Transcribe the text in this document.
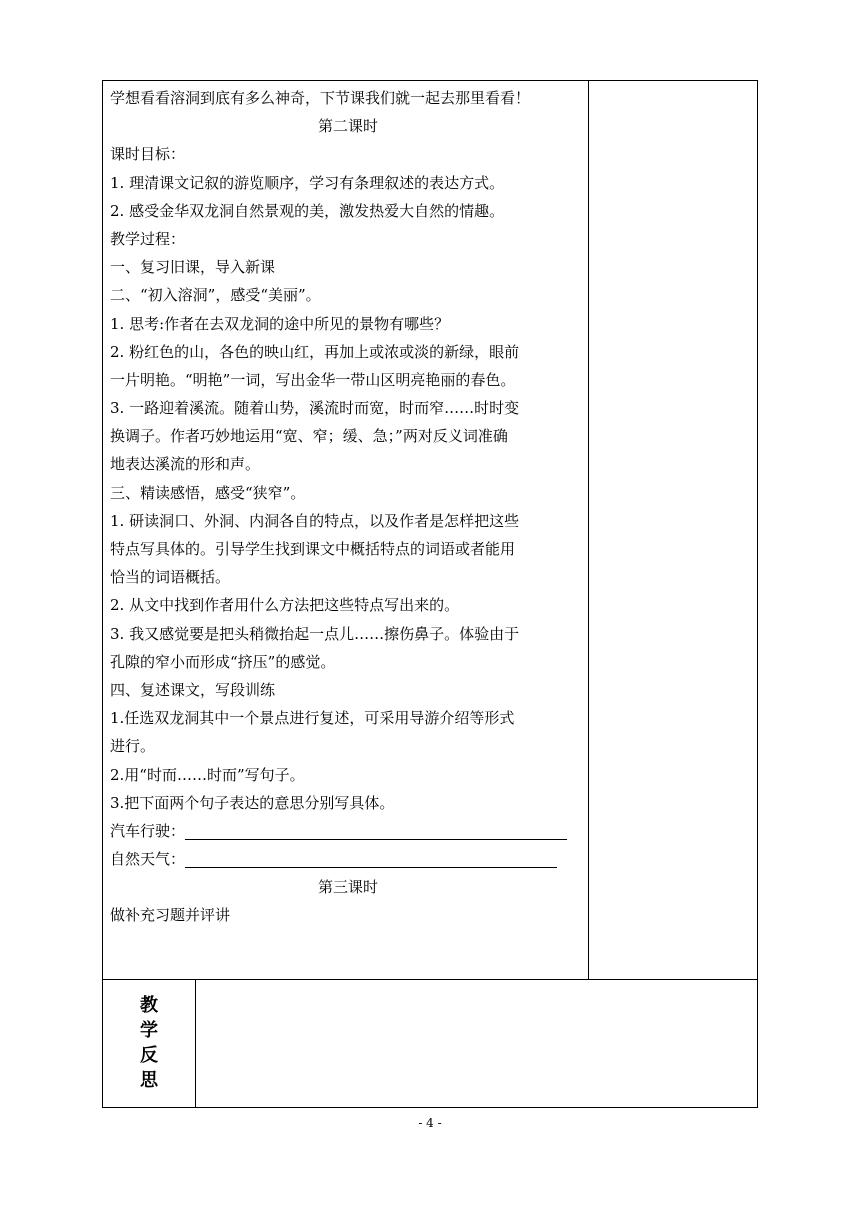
学想看看溶洞到底有多么神奇，下节课我们就一起去那里看看！
第二课时
课时目标：
1. 理清课文记叙的游览顺序，学习有条理叙述的表达方式。
2. 感受金华双龙洞自然景观的美，激发热爱大自然的情趣。
教学过程：
一、复习旧课，导入新课
二、“初入溶洞”，感受“美丽”。
1. 思考:作者在去双龙洞的途中所见的景物有哪些？
2. 粉红色的山，各色的映山红，再加上或浓或淡的新绿，眼前
一片明艳。“明艳”一词，写出金华一带山区明亮艳丽的春色。
3. 一路迎着溪流。随着山势，溪流时而宽，时而窄……时时变
换调子。作者巧妙地运用“宽、窄；缓、急；”两对反义词准确
地表达溪流的形和声。
三、精读感悟，感受“狭窄”。
1. 研读洞口、外洞、内洞各自的特点，以及作者是怎样把这些
特点写具体的。引导学生找到课文中概括特点的词语或者能用
恰当的词语概括。
2. 从文中找到作者用什么方法把这些特点写出来的。
3. 我又感觉要是把头稍微抬起一点儿……擦伤鼻子。体验由于
孔隙的窄小而形成“挤压”的感觉。
四、复述课文，写段训练
1.任选双龙洞其中一个景点进行复述，可采用导游介绍等形式
进行。
2.用“时而……时而”写句子。
3.把下面两个句子表达的意思分别写具体。
汽车行驶：
自然天气：
第三课时
做补充习题并评讲
教
学
反
思
- 4 -
